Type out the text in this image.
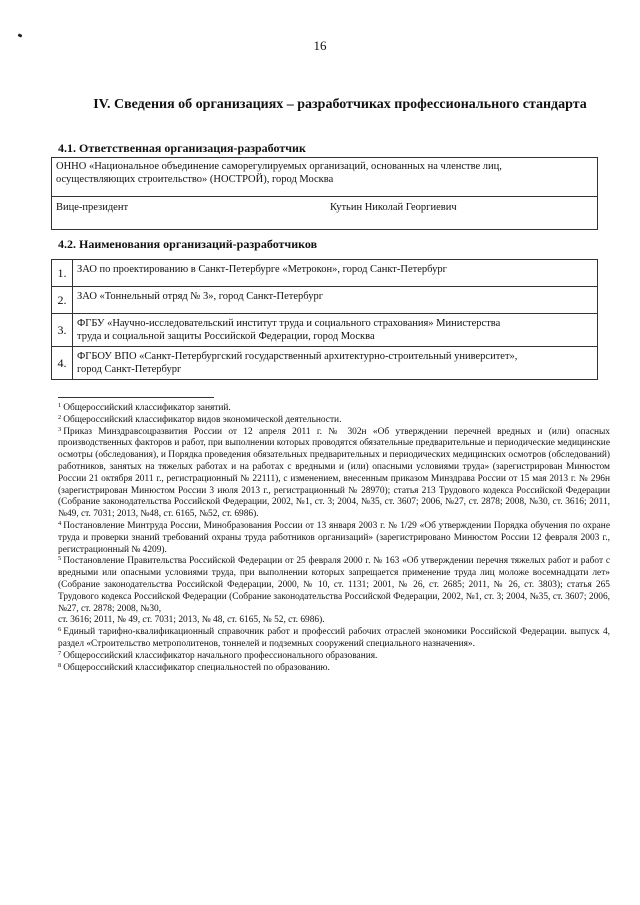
16
IV. Сведения об организациях – разработчиках профессионального стандарта
4.1. Ответственная организация-разработчик
ОННО «Национальное объединение саморегулируемых организаций, основанных на членстве лиц,
осуществляющих строительство» (НОСТРОЙ), город Москва

Вице-президент	Кутьин Николай Георгиевич
4.2. Наименования организаций-разработчиков
1.	ЗАО по проектированию в Санкт-Петербурге «Метрокон», город Санкт-Петербург

2.	ЗАО «Тоннельный отряд № 3», город Санкт-Петербург

3.	ФГБУ «Научно-исследовательский институт труда и социального страхования» Министерства
труда и социальной защиты Российской Федерации, город Москва

4.	ФГБОУ ВПО «Санкт-Петербургский государственный архитектурно-строительный университет»,
город Санкт-Петербург

$^1$ Общероссийский классификатор занятий.

$^2$ Общероссийский классификатор видов экономической деятельности.

$^3$ Приказ Минздравсоцразвития России от 12 апреля 2011 г. № 302н «Об утверждении перечней вредных и (или) опасных производственных факторов и работ, при выполнении которых проводятся обязательные предварительные и периодические медицинские осмотры (обследования), и Порядка проведения обязательных предварительных и периодических медицинских осмотров (обследований) работников, занятых на тяжелых работах и на работах с вредными и (или) опасными условиями труда» (зарегистрирован Минюстом России 21 октября 2011 г., регистрационный № 22111), с изменением, внесенным приказом Минздрава России от 15 мая 2013 г. № 296н (зарегистрирован Минюстом России 3 июля 2013 г., регистрационный № 28970); статья 213 Трудового кодекса Российской Федерации (Собрание законодательства Российской Федерации, 2002, №1, ст. 3; 2004, №35, ст. 3607; 2006, №27, ст. 2878; 2008, №30, ст. 3616; 2011, №49, ст. 7031; 2013, №48, ст. 6165, №52, ст. 6986).

$^4$ Постановление Минтруда России, Минобразования России от 13 января 2003 г. № 1/29 «Об утверждении Порядка обучения по охране труда и проверки знаний требований охраны труда работников организаций» (зарегистрировано Минюстом России 12 февраля 2003 г., регистрационный № 4209).

$^5$ Постановление Правительства Российской Федерации от 25 февраля 2000 г. № 163 «Об утверждении перечня тяжелых работ и работ с вредными или опасными условиями труда, при выполнении которых запрещается применение труда лиц моложе восемнадцати лет» (Собрание законодательства Российской Федерации, 2000, № 10, ст. 1131; 2001, № 26, ст. 2685; 2011, № 26, ст. 3803); статья 265 Трудового кодекса Российской Федерации (Собрание законодательства Российской Федерации, 2002, №1, ст. 3; 2004, №35, ст. 3607; 2006, №27, ст. 2878; 2008, №30,

ст. 3616; 2011, № 49, ст. 7031; 2013, № 48, ст. 6165, № 52, ст. 6986).

$^6$ Единый тарифно-квалификационный справочник работ и профессий рабочих отраслей экономики Российской Федерации. выпуск 4, раздел «Строительство метрополитенов, тоннелей и подземных сооружений специального назначения».

$^7$ Общероссийский классификатор начального профессионального образования.

$^8$ Общероссийский классификатор специальностей по образованию.
